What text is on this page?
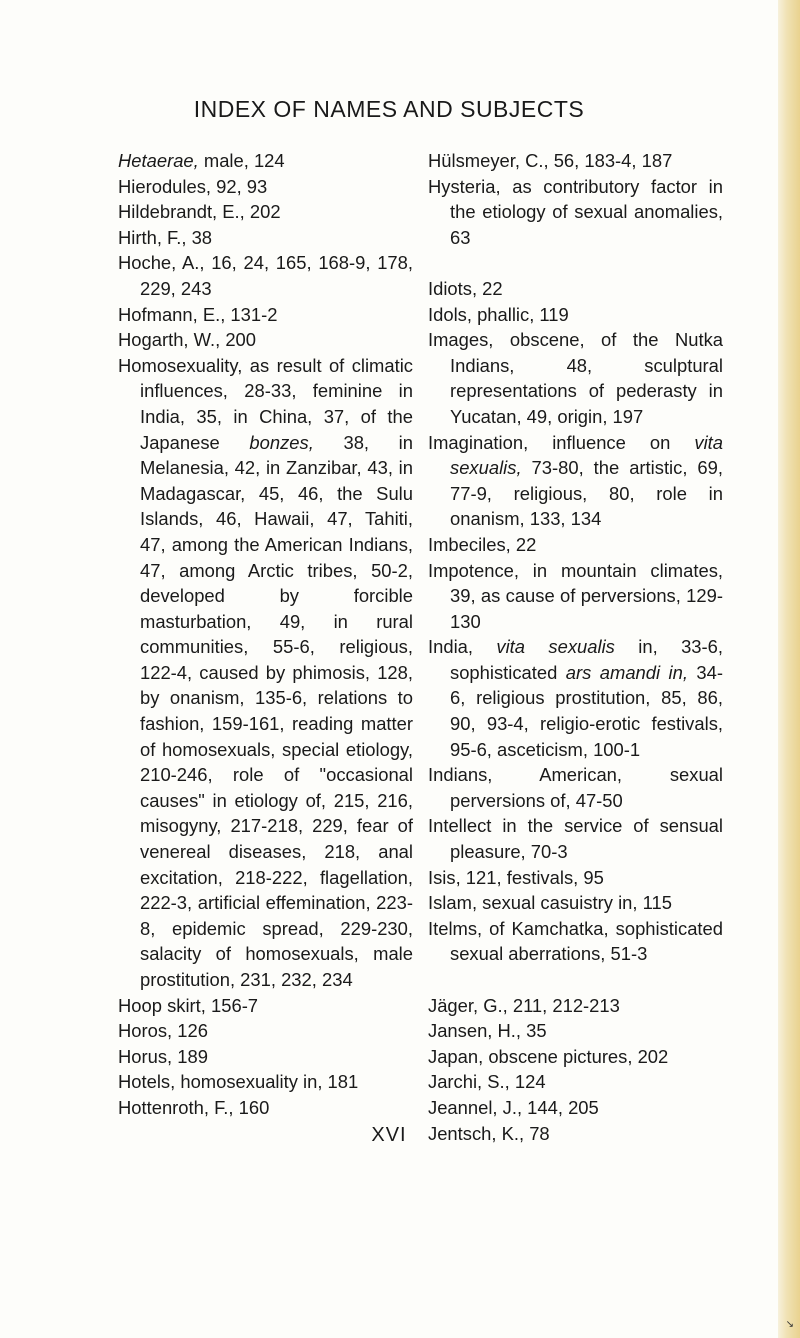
↘
INDEX OF NAMES AND SUBJECTS
Hetaerae, male, 124
Hierodules, 92, 93
Hildebrandt, E., 202
Hirth, F., 38
Hoche, A., 16, 24, 165, 168-9, 178, 229, 243
Hofmann, E., 131-2
Hogarth, W., 200
Homosexuality, as result of climatic influences, 28-33, feminine in India, 35, in China, 37, of the Japanese bonzes, 38, in Melanesia, 42, in Zanzibar, 43, in Madagascar, 45, 46, the Sulu Islands, 46, Hawaii, 47, Tahiti, 47, among the American Indians, 47, among Arctic tribes, 50-2, developed by forcible masturbation, 49, in rural communities, 55-6, religious, 122-4, caused by phimosis, 128, by onanism, 135-6, relations to fashion, 159-161, reading matter of homosexuals, special etiology, 210-246, role of "occasional causes" in etiology of, 215, 216, misogyny, 217-218, 229, fear of venereal diseases, 218, anal excitation, 218-222, flagellation, 222-3, artificial effemination, 223-8, epidemic spread, 229-230, salacity of homosexuals, male prostitution, 231, 232, 234
Hoop skirt, 156-7
Horos, 126
Horus, 189
Hotels, homosexuality in, 181
Hottenroth, F., 160
Hülsmeyer, C., 56, 183-4, 187
Hysteria, as contributory factor in the etiology of sexual anomalies, 63
Idiots, 22
Idols, phallic, 119
Images, obscene, of the Nutka Indians, 48, sculptural representations of pederasty in Yucatan, 49, origin, 197
Imagination, influence on vita sexualis, 73-80, the artistic, 69, 77-9, religious, 80, role in onanism, 133, 134
Imbeciles, 22
Impotence, in mountain climates, 39, as cause of perversions, 129-130
India, vita sexualis in, 33-6, sophisticated ars amandi in, 34-6, religious prostitution, 85, 86, 90, 93-4, religio-erotic festivals, 95-6, asceticism, 100-1
Indians, American, sexual perversions of, 47-50
Intellect in the service of sensual pleasure, 70-3
Isis, 121, festivals, 95
Islam, sexual casuistry in, 115
Itelms, of Kamchatka, sophisticated sexual aberrations, 51-3
Jäger, G., 211, 212-213
Jansen, H., 35
Japan, obscene pictures, 202
Jarchi, S., 124
Jeannel, J., 144, 205
Jentsch, K., 78
XVI
